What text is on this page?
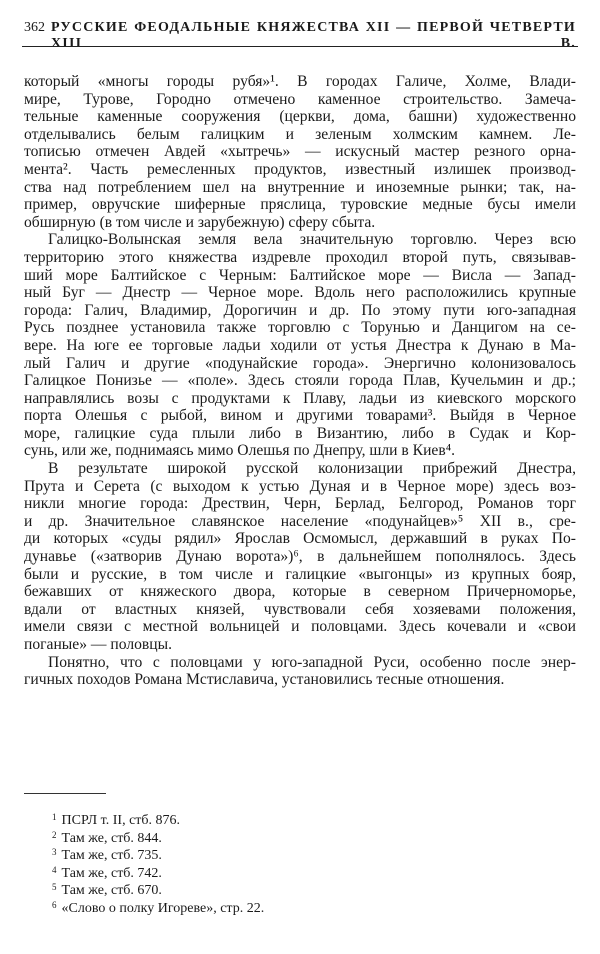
362 РУССКИЕ ФЕОДАЛЬНЫЕ КНЯЖЕСТВА XII — ПЕРВОЙ ЧЕТВЕРТИ XIII В.
который «многы городы рубя»¹. В городах Галиче, Холме, Влади-
мире, Турове, Городно отмечено каменное строительство. Замеча-
тельные каменные сооружения (церкви, дома, башни) художественно
отделывались белым галицким и зеленым холмским камнем. Ле-
тописью отмечен Авдей «хытречь» — искусный мастер резного орна-
мента². Часть ремесленных продуктов, известный излишек производ-
ства над потреблением шел на внутренние и иноземные рынки; так, на-
пример, овручские шиферные пряслица, туровские медные бусы имели
обширную (в том числе и зарубежную) сферу сбыта.
Галицко-Волынская земля вела значительную торговлю. Через всю
территорию этого княжества издревле проходил второй путь, связывав-
ший море Балтийское с Черным: Балтийское море — Висла — Запад-
ный Буг — Днестр — Черное море. Вдоль него расположились крупные
города: Галич, Владимир, Дорогичин и др. По этому пути юго-западная
Русь позднее установила также торговлю с Торунью и Данцигом на се-
вере. На юге ее торговые ладьи ходили от устья Днестра к Дунаю в Ма-
лый Галич и другие «подунайские города». Энергично колонизовалось
Галицкое Понизье — «поле». Здесь стояли города Плав, Кучельмин и др.;
направлялись возы с продуктами к Плаву, ладьи из киевского морского
порта Олешья с рыбой, вином и другими товарами³. Выйдя в Черное
море, галицкие суда плыли либо в Византию, либо в Судак и Кор-
сунь, или же, поднимаясь мимо Олешья по Днепру, шли в Киев⁴.
В результате широкой русской колонизации прибрежий Днестра,
Прута и Серета (с выходом к устью Дуная и в Черное море) здесь воз-
никли многие города: Дрествин, Черн, Берлад, Белгород, Романов торг
и др. Значительное славянское население «подунайцев»⁵ XII в., сре-
ди которых «суды рядил» Ярослав Осмомысл, державший в руках По-
дунавье («затворив Дунаю ворота»)⁶, в дальнейшем пополнялось. Здесь
были и русские, в том числе и галицкие «выгонцы» из крупных бояр,
бежавших от княжеского двора, которые в северном Причерноморье,
вдали от властных князей, чувствовали себя хозяевами положения,
имели связи с местной вольницей и половцами. Здесь кочевали и «свои
поганые» — половцы.
Понятно, что с половцами у юго-западной Руси, особенно после энер-
гичных походов Романа Мстиславича, установились тесные отношения.
$^1$ ПСРЛ т. II, стб. 876.
$^2$ Там же, стб. 844.
$^3$ Там же, стб. 735.
$^4$ Там же, стб. 742.
$^5$ Там же, стб. 670.
$^6$ «Слово о полку Игореве», стр. 22.
